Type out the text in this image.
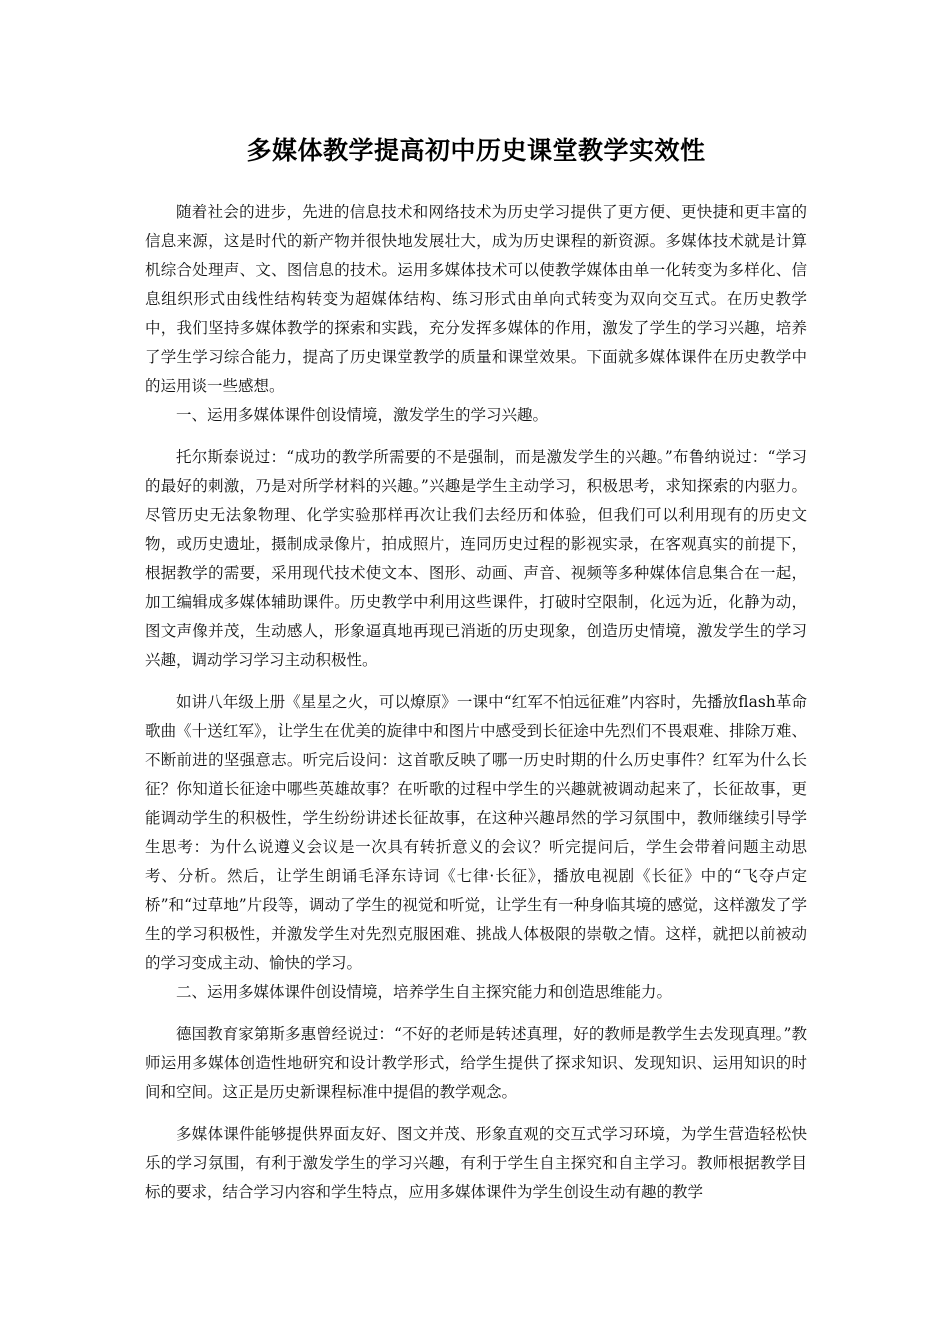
多媒体教学提高初中历史课堂教学实效性

随着社会的进步，先进的信息技术和网络技术为历史学习提供了更方便、更快捷和更丰富的信息来源，这是时代的新产物并很快地发展壮大，成为历史课程的新资源。多媒体技术就是计算机综合处理声、文、图信息的技术。运用多媒体技术可以使教学媒体由单一化转变为多样化、信息组织形式由线性结构转变为超媒体结构、练习形式由单向式转变为双向交互式。在历史教学中，我们坚持多媒体教学的探索和实践，充分发挥多媒体的作用，激发了学生的学习兴趣，培养了学生学习综合能力，提高了历史课堂教学的质量和课堂效果。下面就多媒体课件在历史教学中的运用谈一些感想。

一、运用多媒体课件创设情境，激发学生的学习兴趣。

托尔斯泰说过：“成功的教学所需要的不是强制，而是激发学生的兴趣。”布鲁纳说过：“学习的最好的刺激，乃是对所学材料的兴趣。”兴趣是学生主动学习，积极思考，求知探索的内驱力。尽管历史无法象物理、化学实验那样再次让我们去经历和体验，但我们可以利用现有的历史文物，或历史遗址，摄制成录像片，拍成照片，连同历史过程的影视实录，在客观真实的前提下，根据教学的需要，采用现代技术使文本、图形、动画、声音、视频等多种媒体信息集合在一起，加工编辑成多媒体辅助课件。历史教学中利用这些课件，打破时空限制，化远为近，化静为动，图文声像并茂，生动感人，形象逼真地再现已消逝的历史现象，创造历史情境，激发学生的学习兴趣，调动学习学习主动积极性。

如讲八年级上册《星星之火，可以燎原》一课中“红军不怕远征难”内容时，先播放flash革命歌曲《十送红军》，让学生在优美的旋律中和图片中感受到长征途中先烈们不畏艰难、排除万难、不断前进的坚强意志。听完后设问：这首歌反映了哪一历史时期的什么历史事件？红军为什么长征？你知道长征途中哪些英雄故事？在听歌的过程中学生的兴趣就被调动起来了，长征故事，更能调动学生的积极性，学生纷纷讲述长征故事，在这种兴趣昂然的学习氛围中，教师继续引导学生思考：为什么说遵义会议是一次具有转折意义的会议？听完提问后，学生会带着问题主动思考、分析。然后，让学生朗诵毛泽东诗词《七律·长征》，播放电视剧《长征》中的“飞夺卢定桥”和“过草地”片段等，调动了学生的视觉和听觉，让学生有一种身临其境的感觉，这样激发了学生的学习积极性，并激发学生对先烈克服困难、挑战人体极限的崇敬之情。这样，就把以前被动的学习变成主动、愉快的学习。

二、运用多媒体课件创设情境，培养学生自主探究能力和创造思维能力。

德国教育家第斯多惠曾经说过：“不好的老师是转述真理，好的教师是教学生去发现真理。”教师运用多媒体创造性地研究和设计教学形式，给学生提供了探求知识、发现知识、运用知识的时间和空间。这正是历史新课程标准中提倡的教学观念。

多媒体课件能够提供界面友好、图文并茂、形象直观的交互式学习环境，为学生营造轻松快乐的学习氛围，有利于激发学生的学习兴趣，有利于学生自主探究和自主学习。教师根据教学目标的要求，结合学习内容和学生特点，应用多媒体课件为学生创设生动有趣的教学
